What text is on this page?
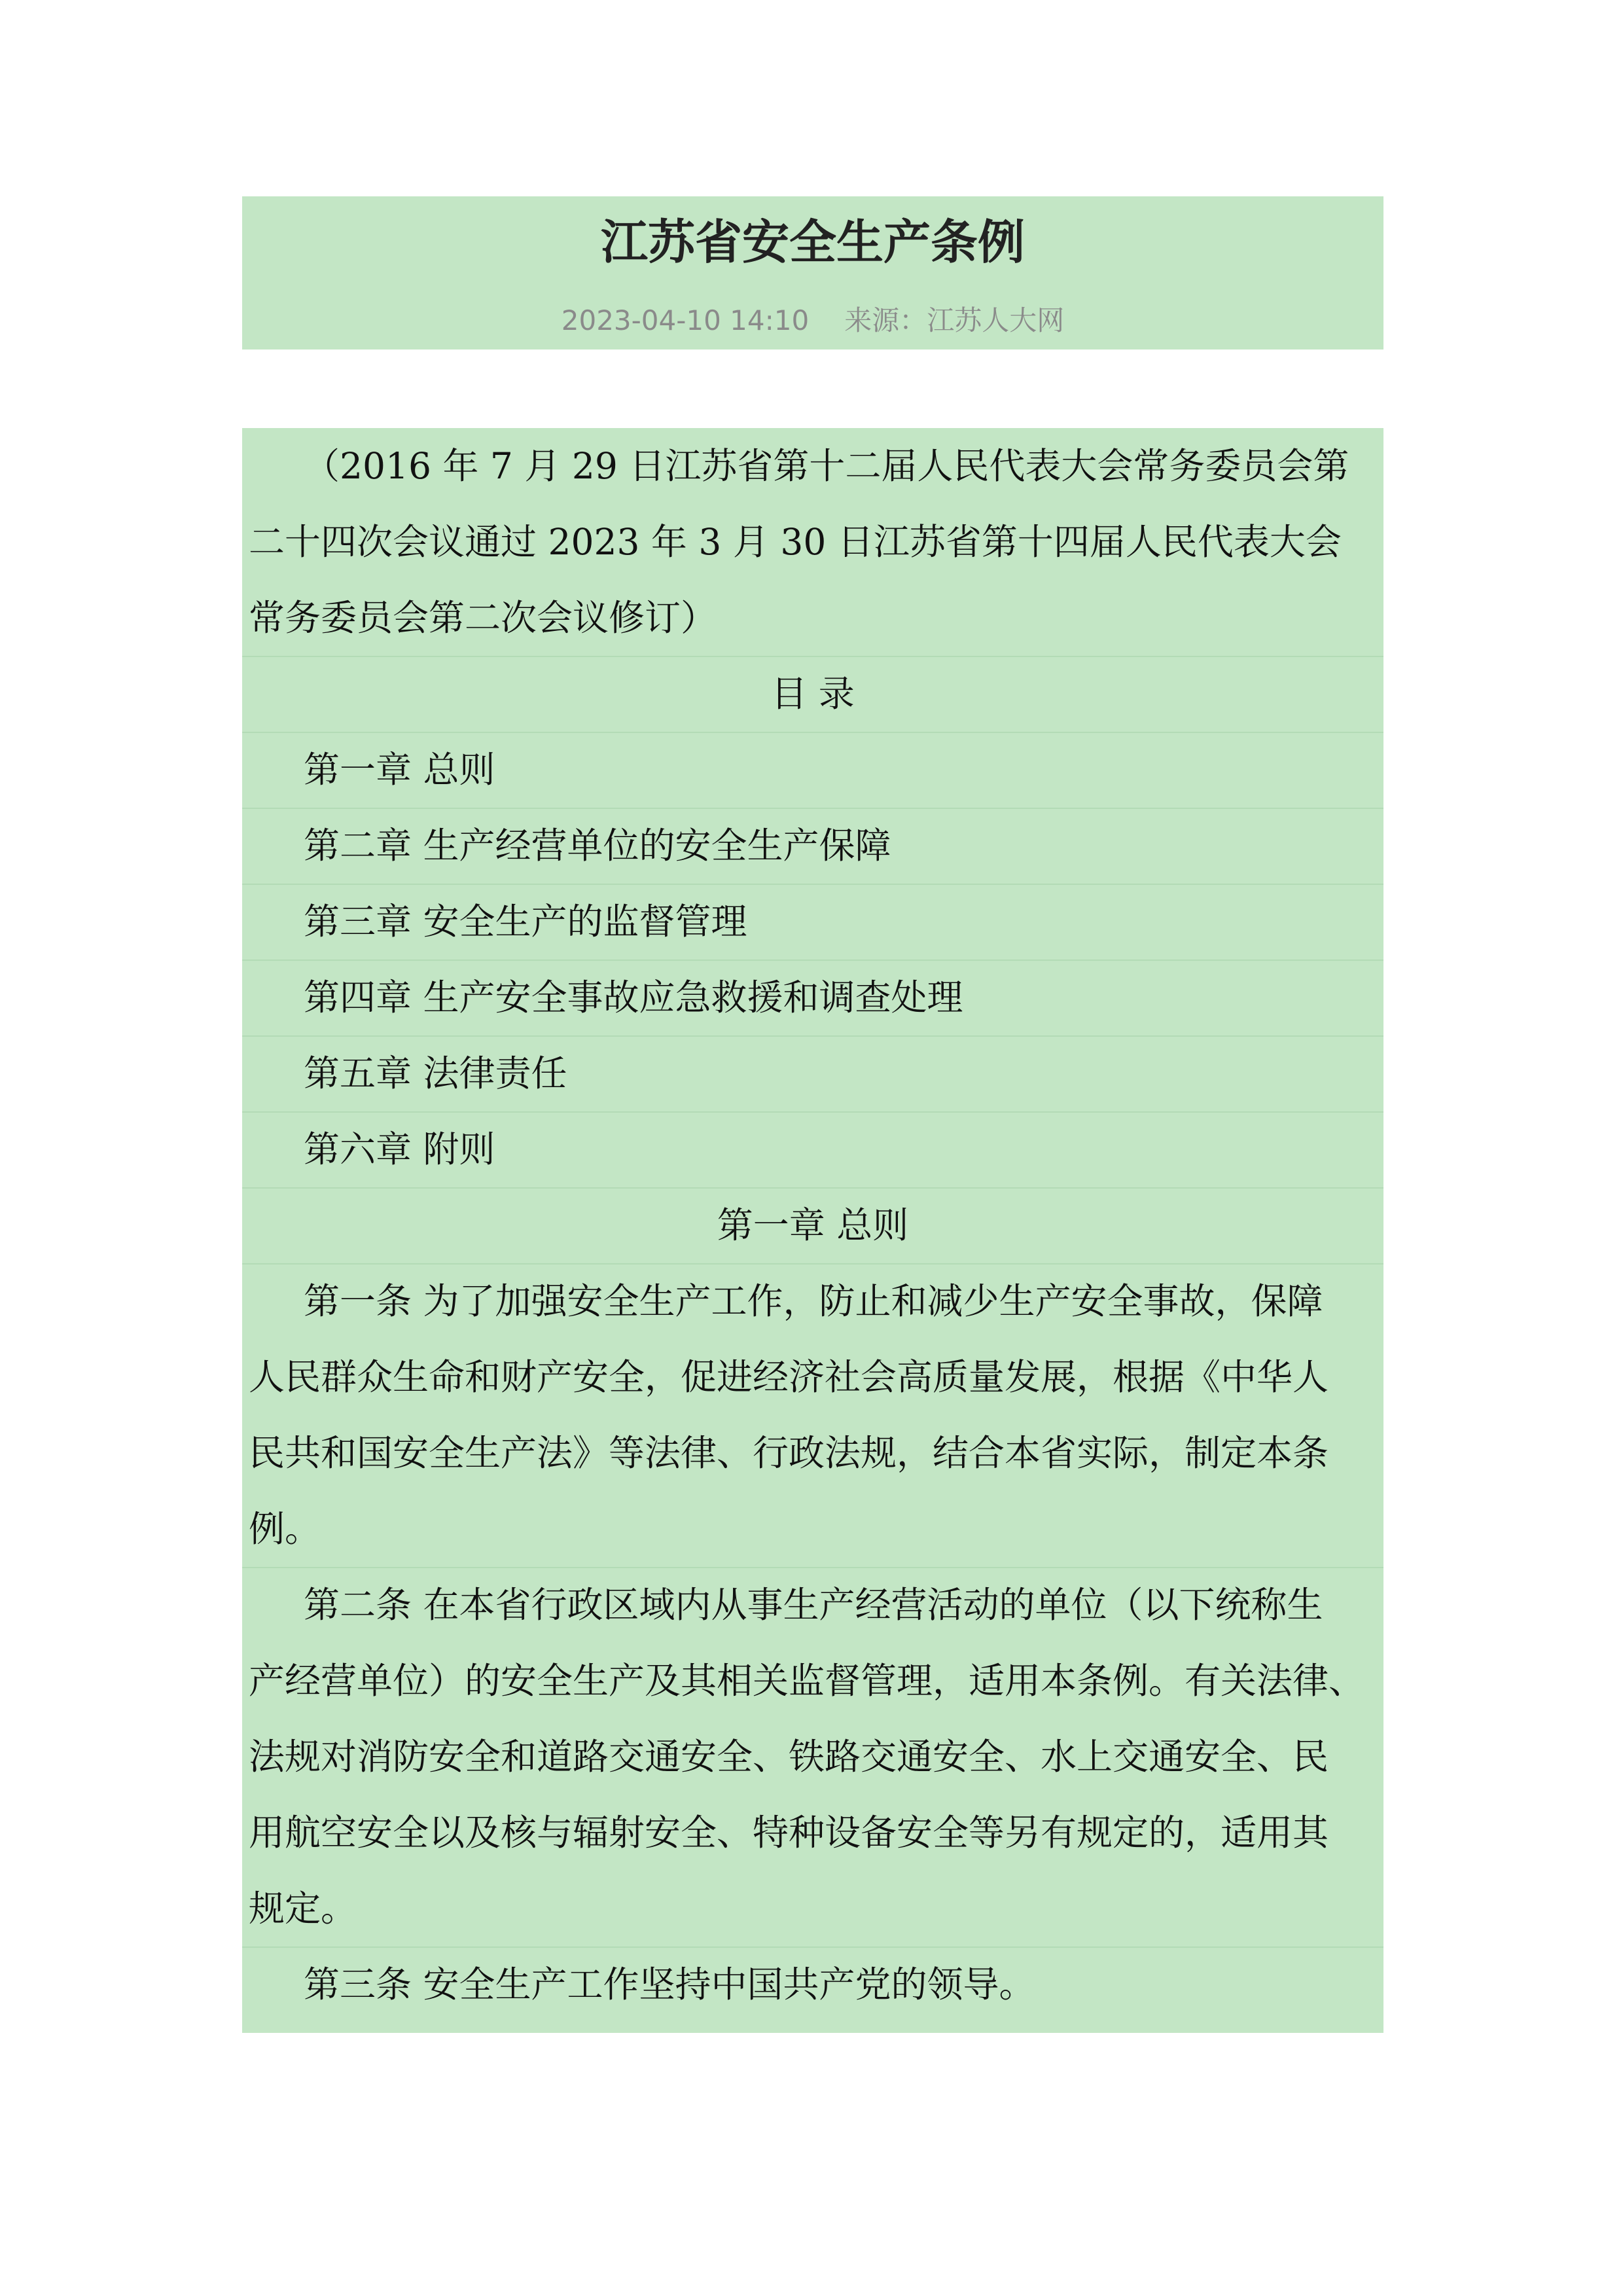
江苏省安全生产条例
2023-04-10 14:10 来源：江苏人大网
（2016 年 7 月 29 日江苏省第十二届人民代表大会常务委员会第
二十四次会议通过 2023 年 3 月 30 日江苏省第十四届人民代表大会
常务委员会第二次会议修订）
目 录
第一章 总则
第二章 生产经营单位的安全生产保障
第三章 安全生产的监督管理
第四章 生产安全事故应急救援和调查处理
第五章 法律责任
第六章 附则
第一章 总则
第一条 为了加强安全生产工作，防止和减少生产安全事故，保障
人民群众生命和财产安全，促进经济社会高质量发展，根据《中华人
民共和国安全生产法》等法律、行政法规，结合本省实际，制定本条
例。
第二条 在本省行政区域内从事生产经营活动的单位（以下统称生
产经营单位）的安全生产及其相关监督管理，适用本条例。有关法律、
法规对消防安全和道路交通安全、铁路交通安全、水上交通安全、民
用航空安全以及核与辐射安全、特种设备安全等另有规定的，适用其
规定。
第三条 安全生产工作坚持中国共产党的领导。
